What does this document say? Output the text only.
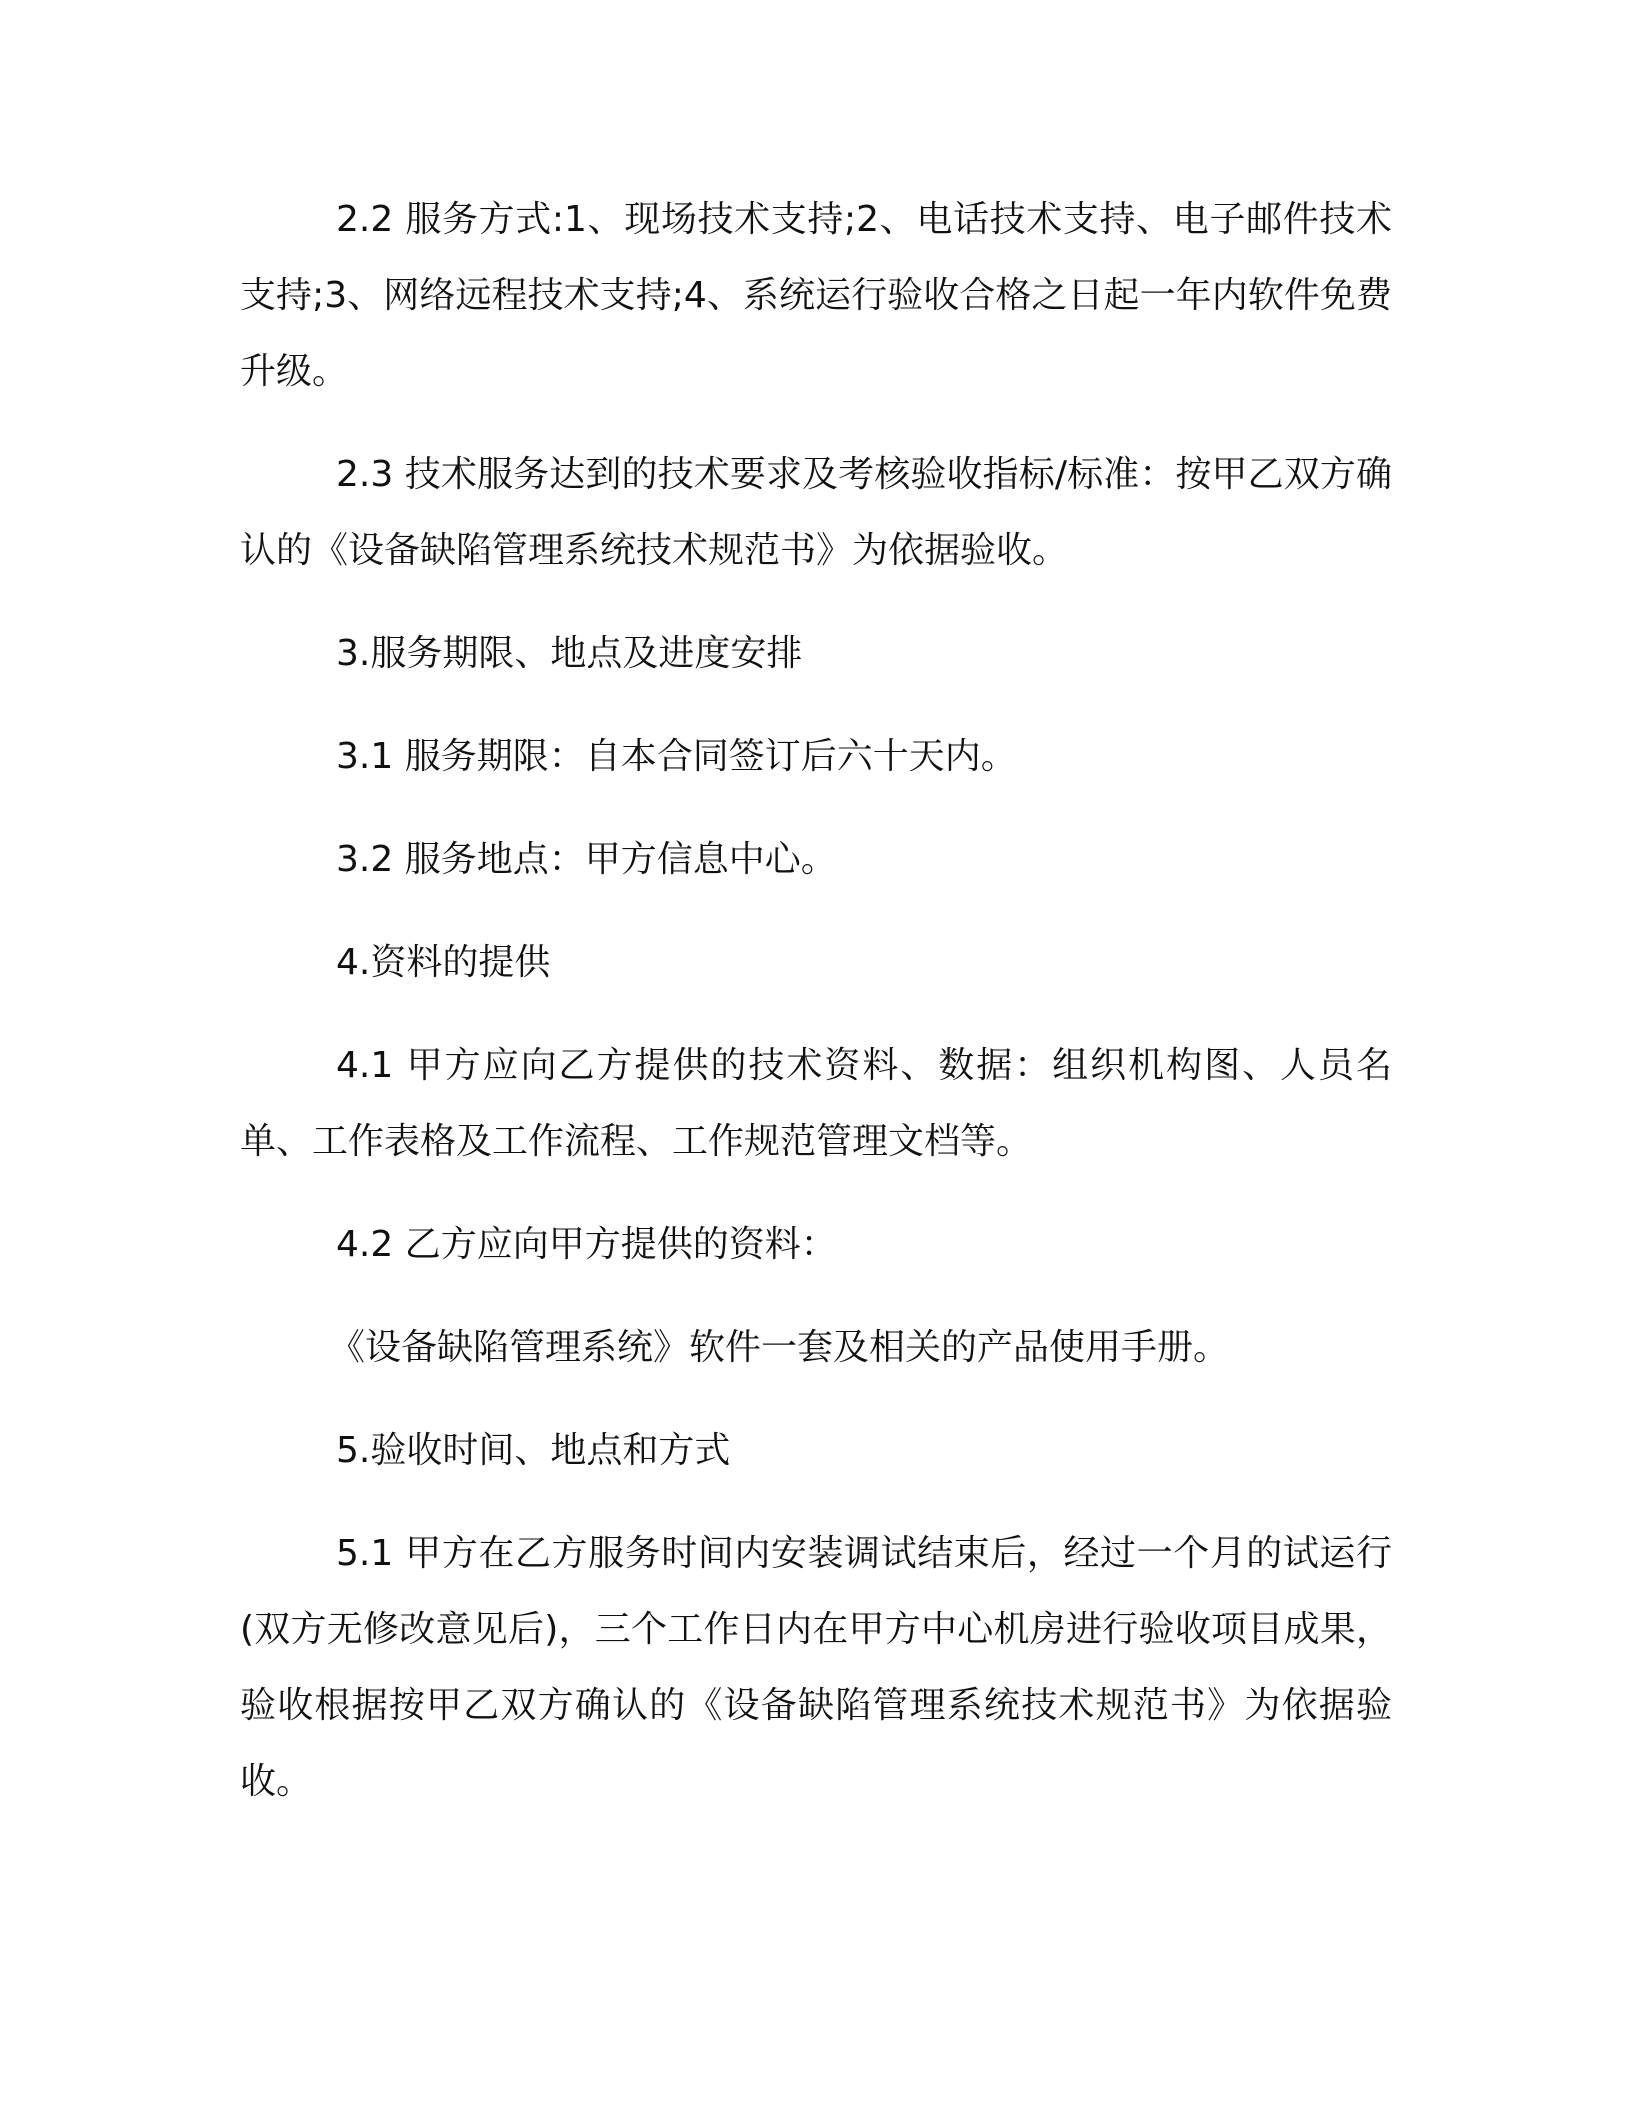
2.2 服务方式:1、现场技术支持;2、电话技术支持、电子邮件技术支持;3、网络远程技术支持;4、系统运行验收合格之日起一年内软件免费升级。

2.3 技术服务达到的技术要求及考核验收指标/标准：按甲乙双方确认的《设备缺陷管理系统技术规范书》为依据验收。

3.服务期限、地点及进度安排

3.1 服务期限：自本合同签订后六十天内。

3.2 服务地点：甲方信息中心。

4.资料的提供

4.1 甲方应向乙方提供的技术资料、数据：组织机构图、人员名单、工作表格及工作流程、工作规范管理文档等。

4.2 乙方应向甲方提供的资料：

《设备缺陷管理系统》软件一套及相关的产品使用手册。

5.验收时间、地点和方式

5.1 甲方在乙方服务时间内安装调试结束后，经过一个月的试运行(双方无修改意见后)，三个工作日内在甲方中心机房进行验收项目成果，验收根据按甲乙双方确认的《设备缺陷管理系统技术规范书》为依据验收。
